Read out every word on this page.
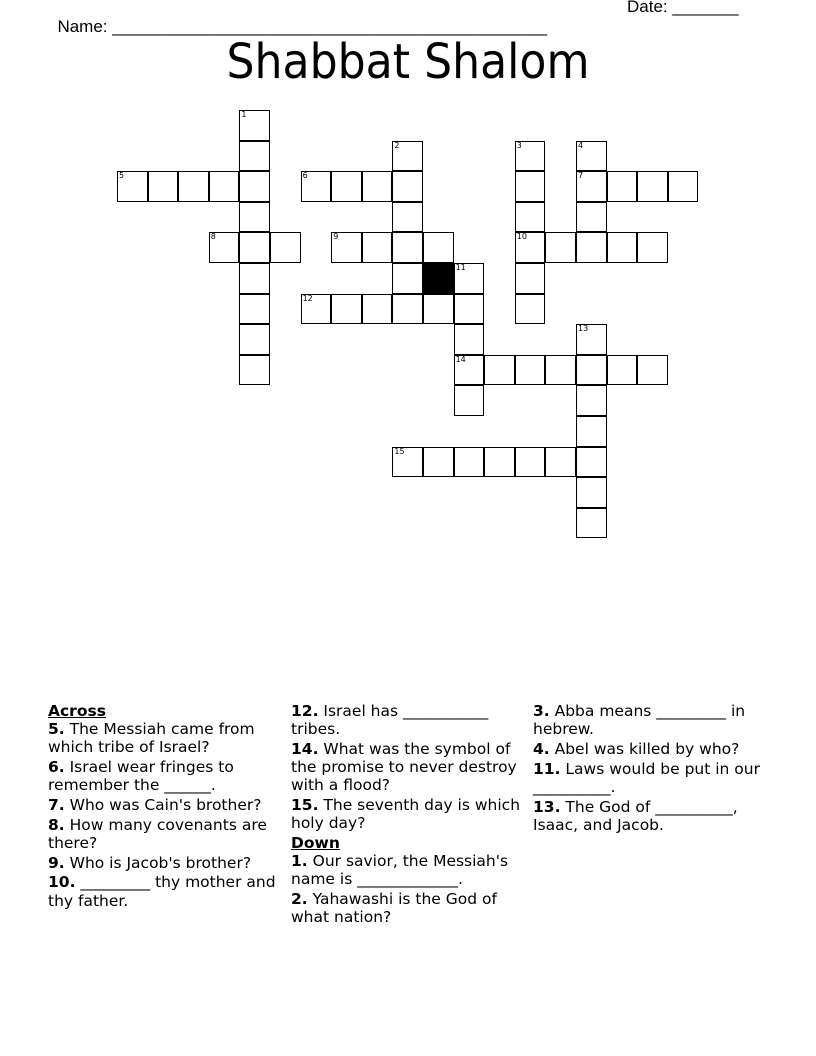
Name: ______________________________________________

Date: _______

Shabbat Shalom
1
2	3
10
4
7
5	6
8	9
11
14
12
13
15
Across
5. The Messiah came from which tribe of Israel?
6. Israel wear fringes to remember the ______.
7. Who was Cain's brother?
8. How many covenants are there?
9. Who is Jacob's brother?
10. _________ thy mother and thy father.
12. Israel has ___________ tribes.
14. What was the symbol of the promise to never destroy with a flood?
15. The seventh day is which holy day?
Down
1. Our savior, the Messiah's name is _____________.
2. Yahawashi is the God of what nation?
3. Abba means _________ in hebrew.
4. Abel was killed by who?
11. Laws would be put in our __________.
13. The God of __________, Isaac, and Jacob.
